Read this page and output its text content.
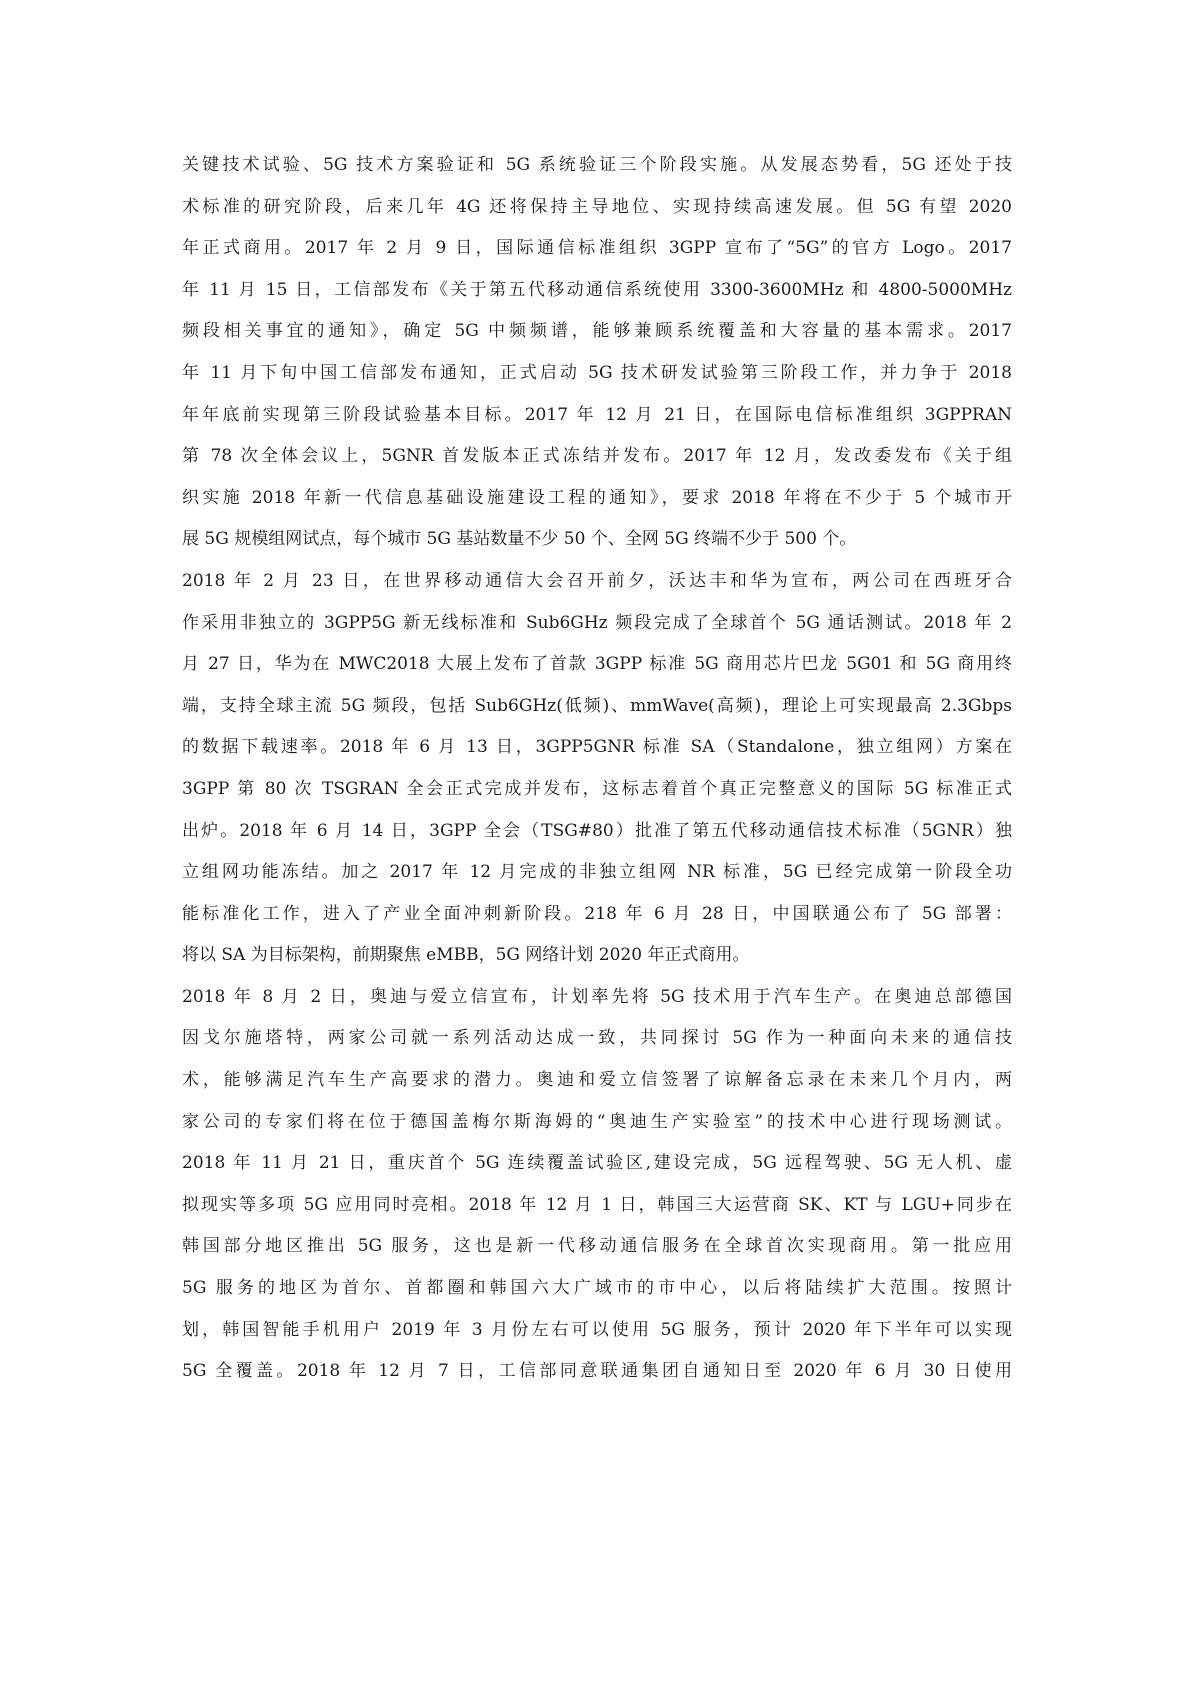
关键技术试验、5G 技术方案验证和 5G 系统验证三个阶段实施。从发展态势看，5G 还处于技
术标准的研究阶段，后来几年 4G 还将保持主导地位、实现持续高速发展。但 5G 有望 2020
年正式商用。2017 年 2 月 9 日，国际通信标准组织 3GPP 宣布了“5G”的官方 Logo。2017
年 11 月 15 日，工信部发布《关于第五代移动通信系统使用 3300-3600MHz 和 4800-5000MHz
频段相关事宜的通知》，确定 5G 中频频谱，能够兼顾系统覆盖和大容量的基本需求。2017
年 11 月下旬中国工信部发布通知，正式启动 5G 技术研发试验第三阶段工作，并力争于 2018
年年底前实现第三阶段试验基本目标。2017 年 12 月 21 日，在国际电信标准组织 3GPPRAN
第 78 次全体会议上，5GNR 首发版本正式冻结并发布。2017 年 12 月，发改委发布《关于组
织实施 2018 年新一代信息基础设施建设工程的通知》，要求 2018 年将在不少于 5 个城市开
展 5G 规模组网试点，每个城市 5G 基站数量不少 50 个、全网 5G 终端不少于 500 个。
2018 年 2 月 23 日，在世界移动通信大会召开前夕，沃达丰和华为宣布，两公司在西班牙合
作采用非独立的 3GPP5G 新无线标准和 Sub6GHz 频段完成了全球首个 5G 通话测试。2018 年 2
月 27 日，华为在 MWC2018 大展上发布了首款 3GPP 标准 5G 商用芯片巴龙 5G01 和 5G 商用终
端，支持全球主流 5G 频段，包括 Sub6GHz(低频)、mmWave(高频)，理论上可实现最高 2.3Gbps
的数据下载速率。2018 年 6 月 13 日，3GPP5GNR 标准 SA（Standalone，独立组网）方案在
3GPP 第 80 次 TSGRAN 全会正式完成并发布，这标志着首个真正完整意义的国际 5G 标准正式
出炉。2018 年 6 月 14 日，3GPP 全会（TSG#80）批准了第五代移动通信技术标准（5GNR）独
立组网功能冻结。加之 2017 年 12 月完成的非独立组网 NR 标准，5G 已经完成第一阶段全功
能标准化工作，进入了产业全面冲刺新阶段。218 年 6 月 28 日，中国联通公布了 5G 部署：
将以 SA 为目标架构，前期聚焦 eMBB，5G 网络计划 2020 年正式商用。
2018 年 8 月 2 日，奥迪与爱立信宣布，计划率先将 5G 技术用于汽车生产。在奥迪总部德国
因戈尔施塔特，两家公司就一系列活动达成一致，共同探讨 5G 作为一种面向未来的通信技
术，能够满足汽车生产高要求的潜力。奥迪和爱立信签署了谅解备忘录在未来几个月内，两
家公司的专家们将在位于德国盖梅尔斯海姆的“奥迪生产实验室”的技术中心进行现场测试。
2018 年 11 月 21 日，重庆首个 5G 连续覆盖试验区,建设完成，5G 远程驾驶、5G 无人机、虚
拟现实等多项 5G 应用同时亮相。2018 年 12 月 1 日，韩国三大运营商 SK、KT 与 LGU+同步在
韩国部分地区推出 5G 服务，这也是新一代移动通信服务在全球首次实现商用。第一批应用
5G 服务的地区为首尔、首都圈和韩国六大广域市的市中心，以后将陆续扩大范围。按照计
划，韩国智能手机用户 2019 年 3 月份左右可以使用 5G 服务，预计 2020 年下半年可以实现
5G 全覆盖。2018 年 12 月 7 日，工信部同意联通集团自通知日至 2020 年 6 月 30 日使用
